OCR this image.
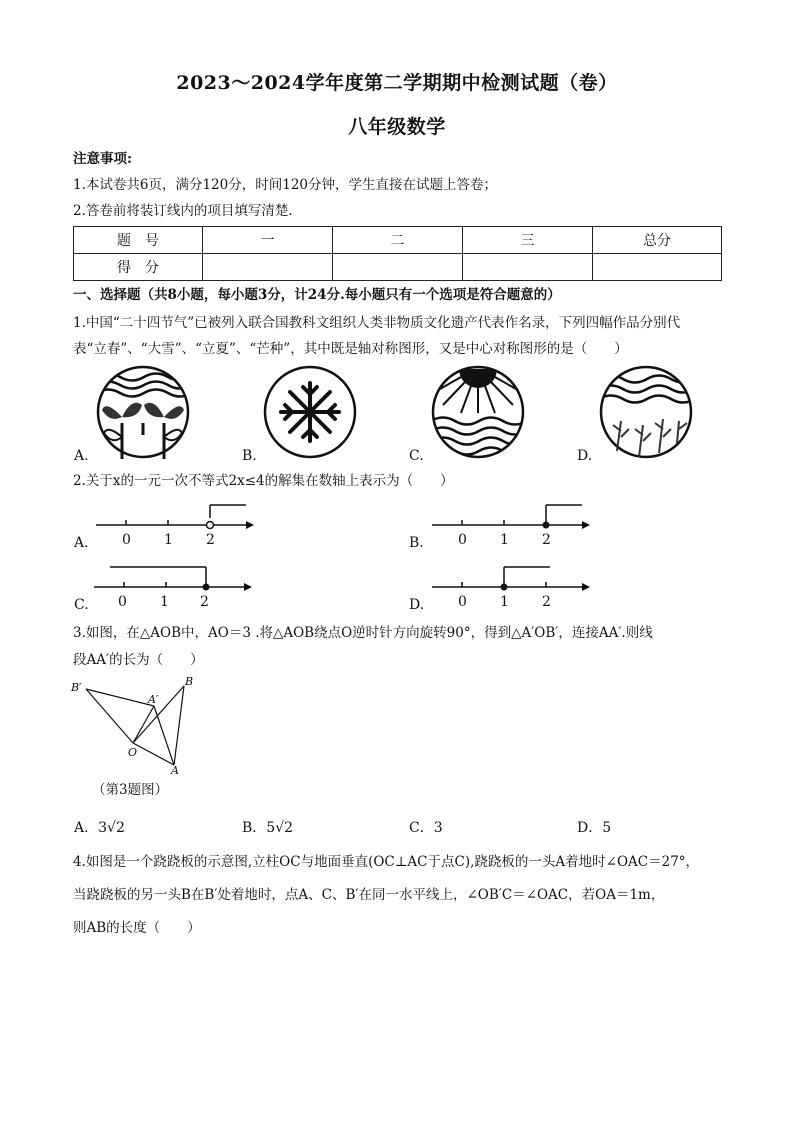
2023～2024学年度第二学期期中检测试题（卷）
八年级数学
注意事项:
1.本试卷共6页，满分120分，时间120分钟，学生直接在试题上答卷；
2.答卷前将装订线内的项目填写清楚.
题　号	一	二	三	总分
得　分				
一、选择题（共8小题，每小题3分，计24分.每小题只有一个选项是符合题意的）
1.中国“二十四节气”已被列入联合国教科文组织人类非物质文化遗产代表作名录，下列四幅作品分别代
表“立春”、“大雪”、“立夏”、“芒种”，其中既是轴对称图形，又是中心对称图形的是（　　）
A.	B.	C.	D.
2.关于x的一元一次不等式2x≤4的解集在数轴上表示为（　　）
A. 0 1 2	B. 0 1 2
C. 0 1 2	D. 0 1 2
3.如图，在△AOB中，AO＝3 .将△AOB绕点O逆时针方向旋转90°，得到△A′OB′，连接AA′.则线
段AA′的长为（　　）
B′
A′
B
O
A
（第3题图）
A．3√2	B．5√2	C．3	D．5
4.如图是一个跷跷板的示意图,立柱OC与地面垂直(OC⊥AC于点C),跷跷板的一头A着地时∠OAC＝27°，
当跷跷板的另一头B在B′处着地时，点A、C、B′在同一水平线上，∠OB′C＝∠OAC，若OA＝1m，
则AB的长度（　　）
